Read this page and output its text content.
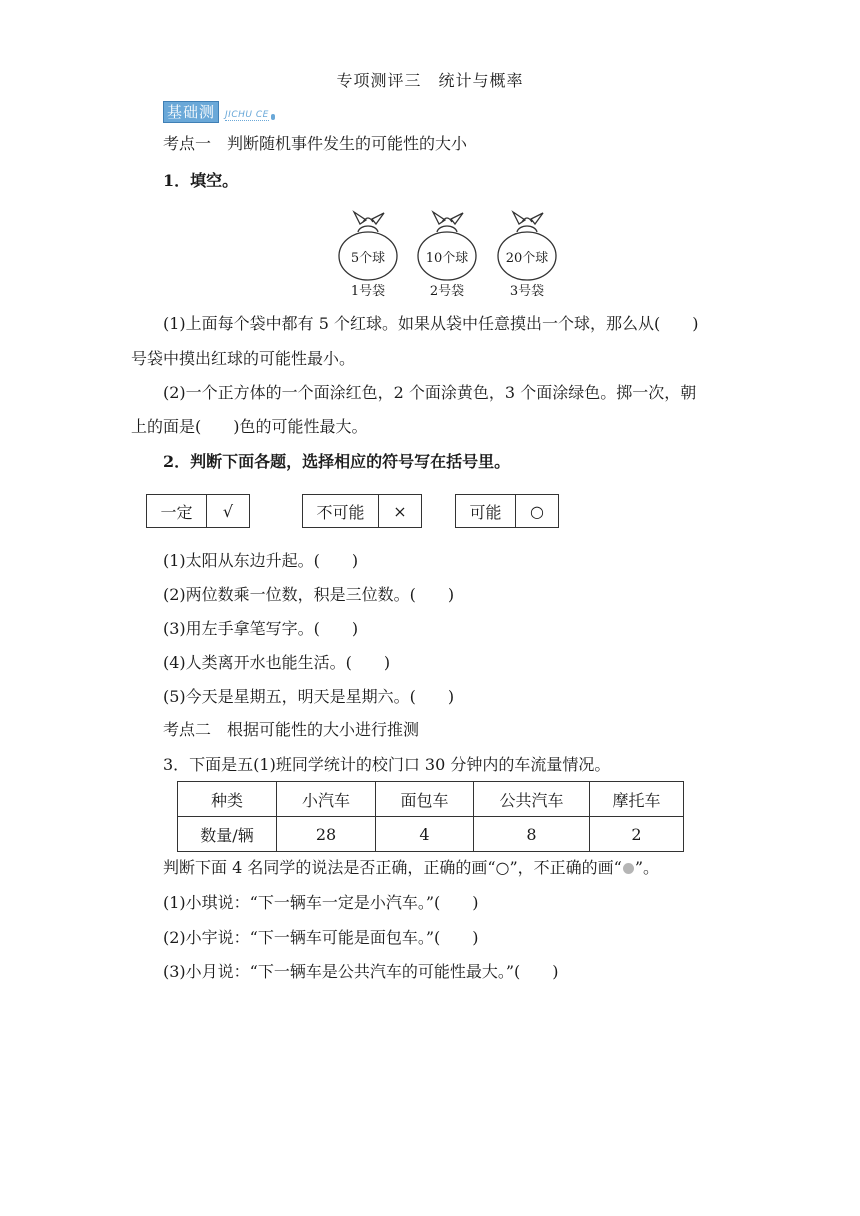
专项测评三　统计与概率
基础测	JICHU CE
考点一　判断随机事件发生的可能性的大小
1．填空。
5个球	10个球	20个球
1号袋	2号袋	3号袋
(1)上面每个袋中都有 5 个红球。如果从袋中任意摸出一个球，那么从(　　)
号袋中摸出红球的可能性最小。
(2)一个正方体的一个面涂红色，2 个面涂黄色，3 个面涂绿色。掷一次，朝
上的面是(　　)色的可能性最大。
2．判断下面各题，选择相应的符号写在括号里。
一定	√	不可能	×	可能	○
(1)太阳从东边升起。(　　)
(2)两位数乘一位数，积是三位数。(　　)
(3)用左手拿笔写字。(　　)
(4)人类离开水也能生活。(　　)
(5)今天是星期五，明天是星期六。(　　)
考点二　根据可能性的大小进行推测
3．下面是五(1)班同学统计的校门口 30 分钟内的车流量情况。
种类	小汽车	面包车	公共汽车	摩托车
数量/辆	28	4	8	2
判断下面 4 名同学的说法是否正确，正确的画“○”，不正确的画“ ”。
(1)小琪说：“下一辆车一定是小汽车。”(　　)
(2)小宇说：“下一辆车可能是面包车。”(　　)
(3)小月说：“下一辆车是公共汽车的可能性最大。”(　　)
